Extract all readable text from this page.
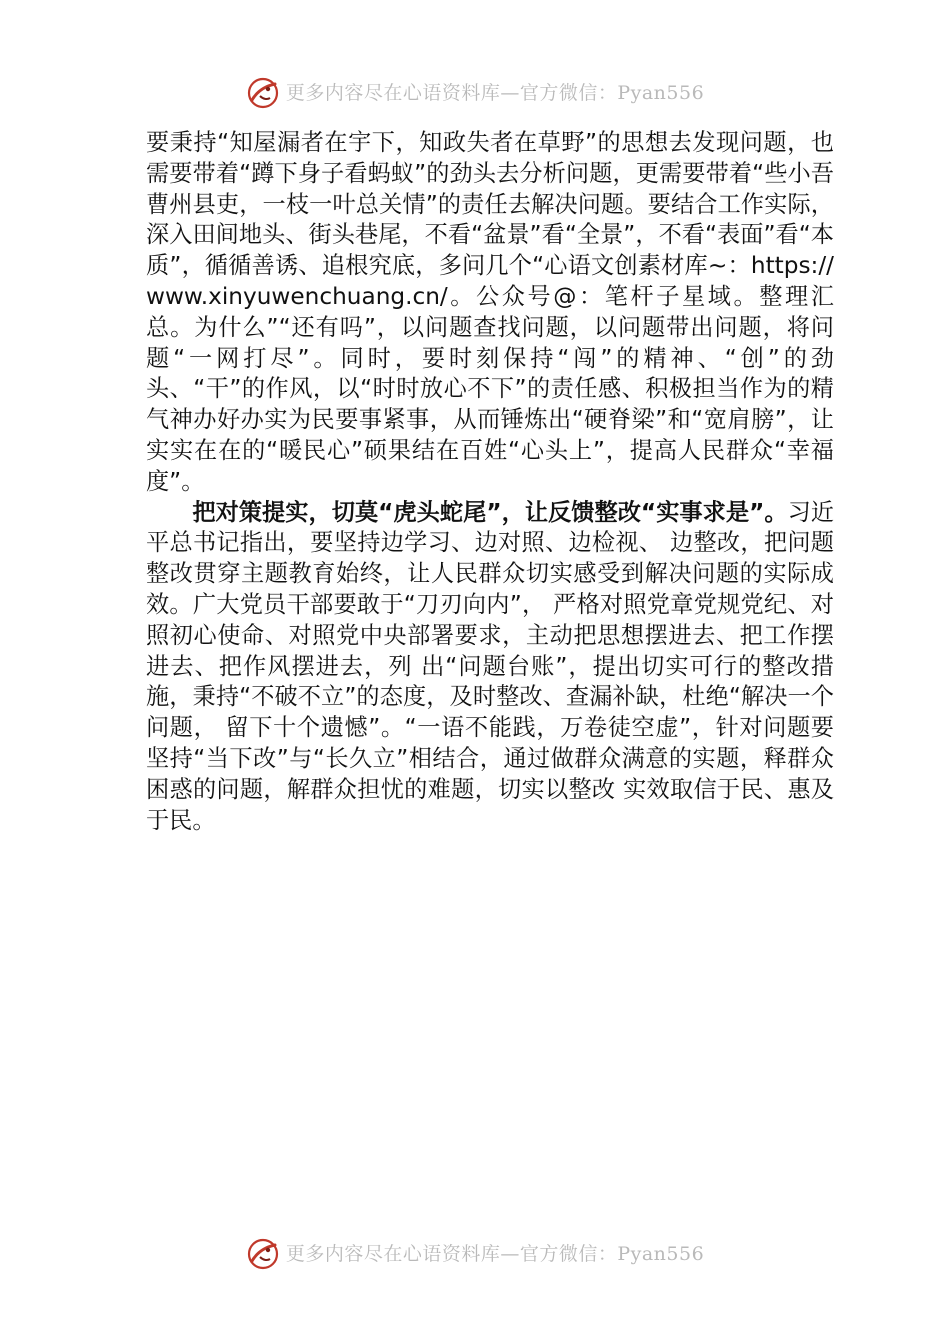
更多内容尽在心语资料库—官方微信：Pyan556

要秉持“知屋漏者在宇下，知政失者在草野”的思想去发现问题，也需要带着“蹲下身子看蚂蚁”的劲头去分析问题，更需要带着“些小吾曹州县吏，一枝一叶总关情”的责任去解决问题。要结合工作实际，深入田间地头、街头巷尾，不看“盆景”看“全景”，不看“表面”看“本质”，循循善诱、追根究底，多问几个“心语文创素材库~：https://www.xinyuwenchuang.cn/。公众号@：笔杆子星域。整理汇总。为什么”“还有吗”，以问题查找问题，以问题带出问题，将问题“一网打尽”。同时，要时刻保持“闯”的精神、“创”的劲头、“干”的作风，以“时时放心不下”的责任感、积极担当作为的精气神办好办实为民要事紧事，从而锤炼出“硬脊梁”和“宽肩膀”，让实实在在的“暖民心”硕果结在百姓“心头上”，提高人民群众“幸福度”。

把对策提实，切莫“虎头蛇尾”，让反馈整改“实事求是”。习近平总书记指出，要坚持边学习、边对照、边检视、 边整改，把问题整改贯穿主题教育始终，让人民群众切实感受到解决问题的实际成效。广大党员干部要敢于“刀刃向内”， 严格对照党章党规党纪、对照初心使命、对照党中央部署要求，主动把思想摆进去、把工作摆进去、把作风摆进去，列 出“问题台账”，提出切实可行的整改措施，秉持“不破不立”的态度，及时整改、查漏补缺，杜绝“解决一个问题， 留下十个遗憾”。“一语不能践，万卷徒空虚”，针对问题要坚持“当下改”与“长久立”相结合，通过做群众满意的实题，释群众困惑的问题，解群众担忧的难题，切实以整改 实效取信于民、惠及于民。

更多内容尽在心语资料库—官方微信：Pyan556
